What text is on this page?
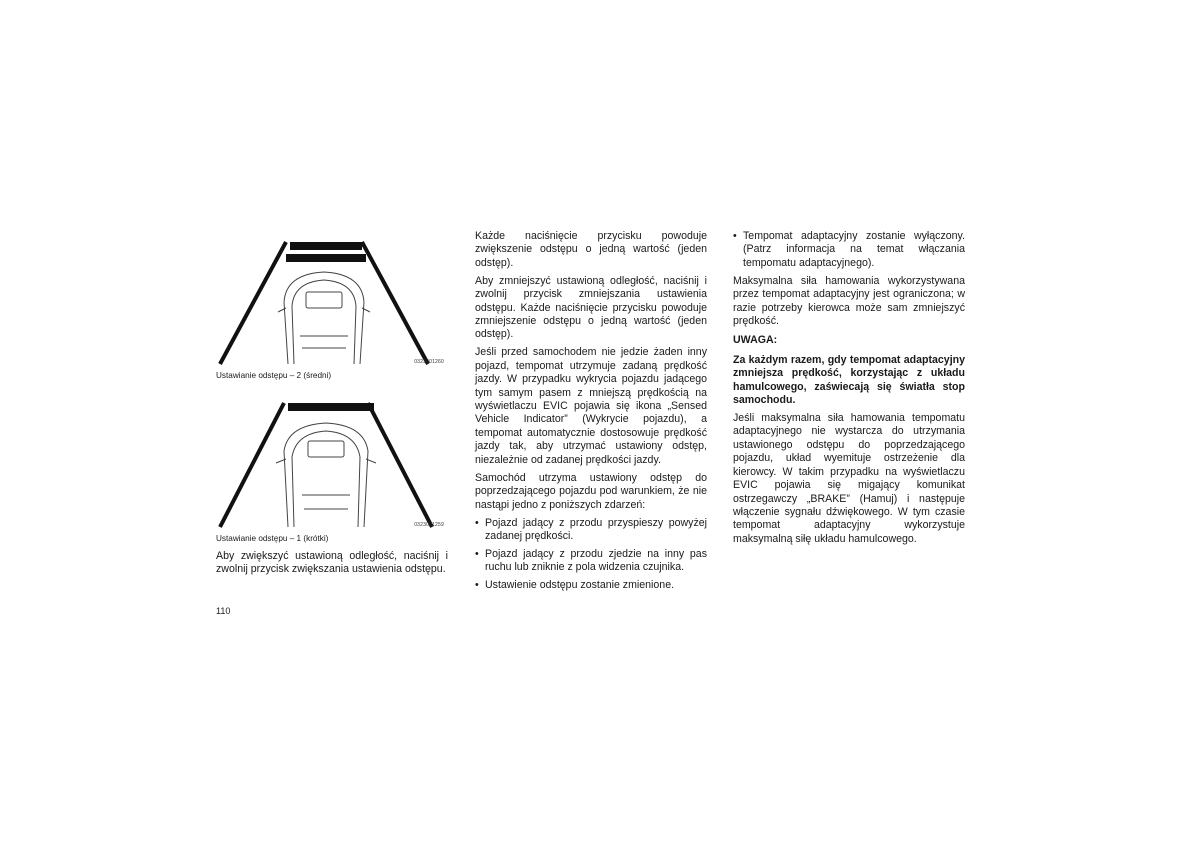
0323001260

Ustawianie odstępu – 2 (średni)

0323001259

Ustawianie odstępu – 1 (krótki)

Aby zwiększyć ustawioną odległość, naciśnij i zwolnij przycisk zwiększania ustawienia odstępu.

Każde naciśnięcie przycisku powoduje zwiększenie odstępu o jedną wartość (jeden odstęp).

Aby zmniejszyć ustawioną odległość, naciśnij i zwolnij przycisk zmniejszania ustawienia odstępu. Każde naciśnięcie przycisku powoduje zmniejszenie odstępu o jedną wartość (jeden odstęp).

Jeśli przed samochodem nie jedzie żaden inny pojazd, tempomat utrzymuje zadaną prędkość jazdy. W przypadku wykrycia pojazdu jadącego tym samym pasem z mniejszą prędkością na wyświetlaczu EVIC pojawia się ikona „Sensed Vehicle Indicator” (Wykrycie pojazdu), a tempomat automatycznie dostosowuje prędkość jazdy tak, aby utrzymać ustawiony odstęp, niezależnie od zadanej prędkości jazdy.

Samochód utrzyma ustawiony odstęp do poprzedzającego pojazdu pod warunkiem, że nie nastąpi jedno z poniższych zdarzeń:

• Pojazd jadący z przodu przyspieszy powyżej zadanej prędkości.
• Pojazd jadący z przodu zjedzie na inny pas ruchu lub zniknie z pola widzenia czujnika.
• Ustawienie odstępu zostanie zmienione.
• Tempomat adaptacyjny zostanie wyłączony. (Patrz informacja na temat włączania tempomatu adaptacyjnego).

Maksymalna siła hamowania wykorzystywana przez tempomat adaptacyjny jest ograniczona; w razie potrzeby kierowca może sam zmniejszyć prędkość.

UWAGA:

Za każdym razem, gdy tempomat adaptacyjny zmniejsza prędkość, korzystając z układu hamulcowego, zaświecają się światła stop samochodu.

Jeśli maksymalna siła hamowania tempomatu adaptacyjnego nie wystarcza do utrzymania ustawionego odstępu do poprzedzającego pojazdu, układ wyemituje ostrzeżenie dla kierowcy. W takim przypadku na wyświetlaczu EVIC pojawia się migający komunikat ostrzegawczy „BRAKE” (Hamuj) i następuje włączenie sygnału dźwiękowego. W tym czasie tempomat adaptacyjny wykorzystuje maksymalną siłę układu hamulcowego.

110
